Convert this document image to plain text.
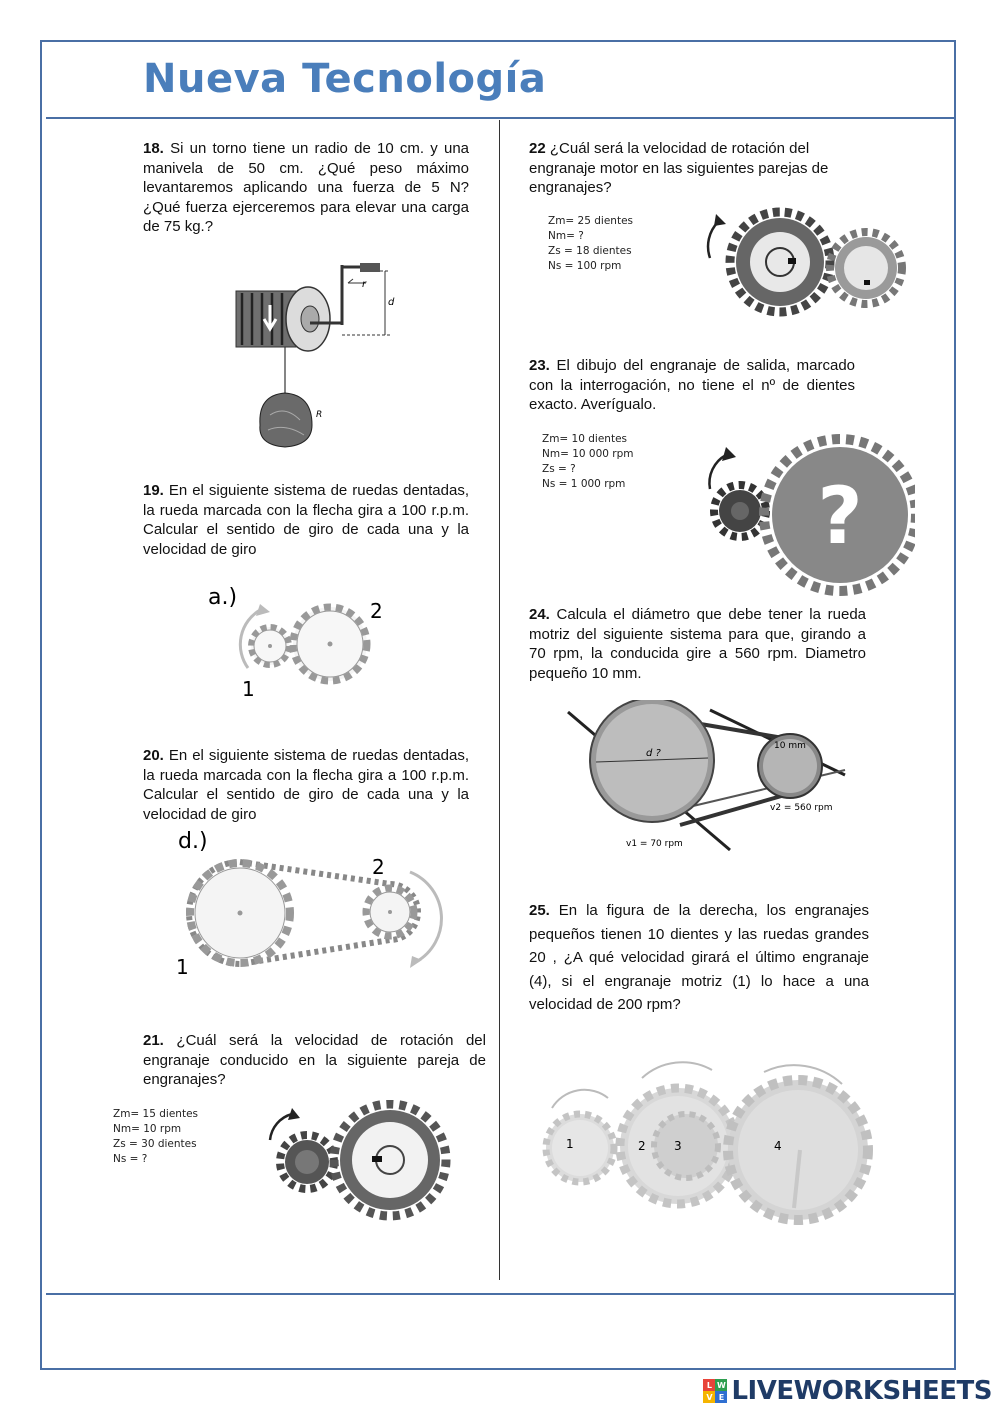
Nueva Tecnología
18. Si un torno tiene un radio de 10 cm. y una manivela de 50 cm. ¿Qué peso máximo levantaremos aplicando una fuerza de 5 N? ¿Qué fuerza ejerceremos para elevar una carga de 75 kg.?
r
d
R
19. En el siguiente sistema de ruedas dentadas, la rueda marcada con la flecha gira a 100 r.p.m. Calcular el sentido de giro de cada una y la velocidad de giro
a.)
2
1
20. En el siguiente sistema de ruedas dentadas, la rueda marcada con la flecha gira a 100 r.p.m. Calcular el sentido de giro de cada una y la velocidad de giro
d.)
2
1
21. ¿Cuál será la velocidad de rotación del engranaje conducido en la siguiente pareja de engranajes?
Zm= 15 dientes
Nm= 10 rpm
Zs = 30 dientes
Ns = ?
22 ¿Cuál será la velocidad de rotación del engranaje motor en las siguientes parejas de engranajes?
Zm= 25 dientes
Nm= ?
Zs = 18 dientes
Ns = 100 rpm
23. El dibujo del engranaje de salida, marcado con la interrogación, no tiene el nº de dientes exacto. Averígualo.
Zm= 10 dientes
Nm= 10 000 rpm
Zs = ?
Ns = 1 000 rpm ?
24. Calcula el diámetro que debe tener la rueda motriz del siguiente sistema para que, girando a 70 rpm, la conducida gire a 560 rpm. Diametro pequeño 10 mm.
d ?
10 mm
v2 = 560 rpm
v1 = 70 rpm
25. En la figura de la derecha, los engranajes pequeños tienen 10 dientes y las ruedas grandes 20 , ¿A qué velocidad girará el último engranaje (4), si el engranaje motriz (1) lo hace a una velocidad de 200 rpm?
1	2 3	4
L W
V E LIVEWORKSHEETS
